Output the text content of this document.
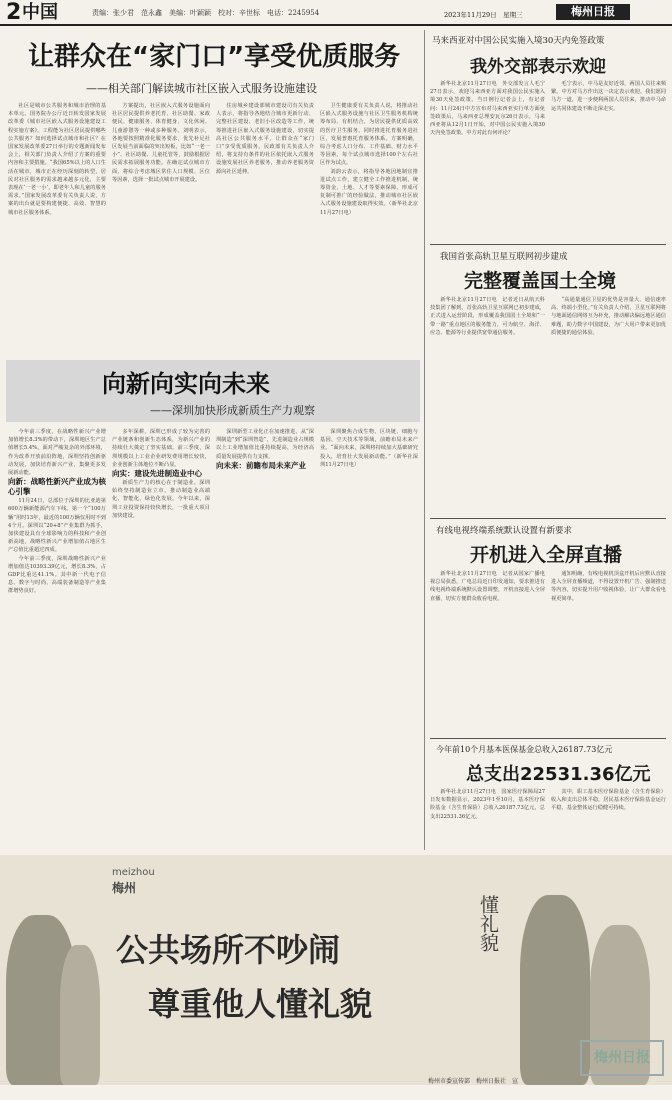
2 中国	责编：张少君　范永鑫　美编：叶颖颖　校对：辛世标　电话：2245954	2023年11月29日　星期三	梅州日报
让群众在“家门口”享受优质服务
——相关部门解读城市社区嵌入式服务设施建设

社区是城市公共服务和城市治理的基本单元。国务院办公厅近日转发国家发展改革委《城市社区嵌入式服务设施建设工程实施方案》。工程能为社区居民提供哪些公共服务？如何选择试点城市和社区？在国家发展改革委27日举行的专题新闻发布会上，相关部门负责人介绍了方案的重要内容和主要措施。“我国65%以上的人口生活在城市，城市正在经历深刻的转型，居民对社区服务的需求越来越多元化，主要表现在‘一老一小’，即老年人和儿童的服务需求。”国家发展改革委有关负责人说，方案的出台就是要构建便捷、高效、智慧的城市社区服务体系。

方案提出，社区嵌入式服务设施面向社区居民提供养老托育、社区助餐、家政便民、健康服务、体育健身、文化休闲、儿童游憩等一种或多种服务。刘明表示，各地要按照精准化服务要求，优先补足社区发展当前面临的突出短板，比如“一老一小”、社区助餐、儿童托管等，鼓励根据居民需求拓展服务功能。在确定试点城市方面，将综合考虑城区常住人口规模、区位等因素，选择一批试点城市开展建设。

住房城乡建设部城市建设司有关负责人表示，将指导各地结合城市更新行动、完整社区建设、老旧小区改造等工作，统筹推进社区嵌入式服务设施建设，切实提高社区公共服务水平，让群众在“家门口”享受优质服务。民政部有关负责人介绍，将支持有条件的社区依托嵌入式服务设施发展社区养老服务，推动养老服务资源向社区延伸。

卫生健康委有关负责人说，将推动社区嵌入式服务设施与社区卫生服务机构统筹布局、有机结合，为居民提供优质高效的医疗卫生服务。同时推进托育服务进社区，发展普惠托育服务体系。方案明确，综合考虑人口分布、工作基础、财力水平等因素，每个试点城市选择100个左右社区作为试点。

刘韵云表示，将指导各地因地制宜推进试点工作，建立健全工作推进机制，统筹资金、土地、人才等要素保障，形成可复制可推广的经验做法，推动城市社区嵌入式服务设施建设取得实效。（新华社北京11月27日电）

向新向实向未来
——深圳加快形成新质生产力观察

今年前三季度，在战略性新兴产业增加值增长8.3%的带动下，深圳地区生产总值增长5.4%。面对严峻复杂的外部环境，作为改革开放前沿阵地，深圳坚持创新驱动发展，加快培育新兴产业，集聚更多发展新动能。

向新：战略性新兴产业成为核心引擎

11月24日，总部位于深圳的比亚迪第600万辆新能源汽车下线。第一个“100万辆”用时13年，最近的100万辆仅用时不到4个月。深圳以“20+8”产业集群为抓手，加快建设具有全球影响力的科技和产业创新高地，战略性新兴产业增加值占地区生产总值比重超过四成。

今年前三季度，深圳战略性新兴产业增加值达10393.39亿元，增长8.3%，占GDP比重达41.1%。其中新一代电子信息、数字与时尚、高端装备制造等产业集群增势良好。

多年深耕，深圳已形成了较为完善的产业链条和创新生态体系，为新兴产业的持续壮大奠定了坚实基础。前三季度，深圳规模以上工业企业研发费用增长较快，企业创新主体地位不断凸显。

向实：建设先进制造业中心

新质生产力的核心在于制造业。深圳始终坚持制造业立市，推动制造业高端化、智能化、绿色化发展。今年以来，深圳工业投资保持较快增长，一批重大项目加快建设。

深圳新型工业化正在加速推进，从“深圳制造”到“深圳智造”，先进制造业占规模以上工业增加值比重持续提高，为经济高质量发展提供有力支撑。

向未来：前瞻布局未来产业

深圳聚焦合成生物、区块链、细胞与基因、空天技术等领域，前瞻布局未来产业。“面向未来，深圳将持续加大基础研究投入，培育壮大发展新动能。”（新华社深圳11月27日电）

马来西亚对中国公民实施入境30天内免签政策
我外交部表示欢迎

新华社北京11月27日电　外交部发言人毛宁27日表示，欢迎马来西亚方面对我国公民实施入境30天免签政策。当日例行记者会上，有记者问：11月24日中方宣布对马来西亚实行单方面免签政策后，马来西亚总理安瓦尔26日表示，马来西亚将从12月1日开始，对中国公民实施入境30天内免签政策。中方对此有何评论？

毛宁表示，中马是友好近邻，两国人员往来频繁。中方对马方作出这一决定表示欢迎。我们愿同马方一道，进一步便利两国人员往来，推动中马命运共同体建设不断走深走实。

我国首张高轨卫星互联网初步建成
完整覆盖国土全境

新华社北京11月27日电　记者近日从航天科技集团了解到，首张高轨卫星互联网已初步建成，正式进入运营阶段，形成覆盖我国国土全境和“一带一路”重点地区的服务能力，可为航空、海洋、应急、能源等行业提供宽带通信服务。

“高通量通信卫星的优势是容量大、通信速率高、终端小型化。”有关负责人介绍，卫星互联网将与地面通信网络互为补充，推动解决偏远地区通信难题，助力数字中国建设，为广大用户带来更加优质便捷的通信体验。

有线电视终端系统默认设置有新要求
开机进入全屏直播

新华社北京11月27日电　记者从国家广播电视总局获悉，广电总局近日印发通知，要求推进有线电视终端系统默认设置调整，开机直接进入全屏直播，切实方便群众收看电视。

通知明确，有线电视机顶盒开机后应默认直接进入全屏直播频道，不得设置开机广告、强制推送等内容，切实提升用户收视体验，让广大群众看电视更简单。

今年前10个月基本医保基金总收入26187.73亿元
总支出22531.36亿元

新华社北京11月27日电　国家医疗保障局27日发布数据显示，2023年1至10月，基本医疗保险基金（含生育保险）总收入26187.73亿元，总支出22531.36亿元。

其中，职工基本医疗保险基金（含生育保险）收入和支出总体平稳，居民基本医疗保险基金运行平稳，基金整体运行稳健可持续。

meizhou
梅州
公共场所不吵闹
尊重他人懂礼貌
懂礼貌
梅州市委宣传部　梅州日报社　宣
梅州日报
